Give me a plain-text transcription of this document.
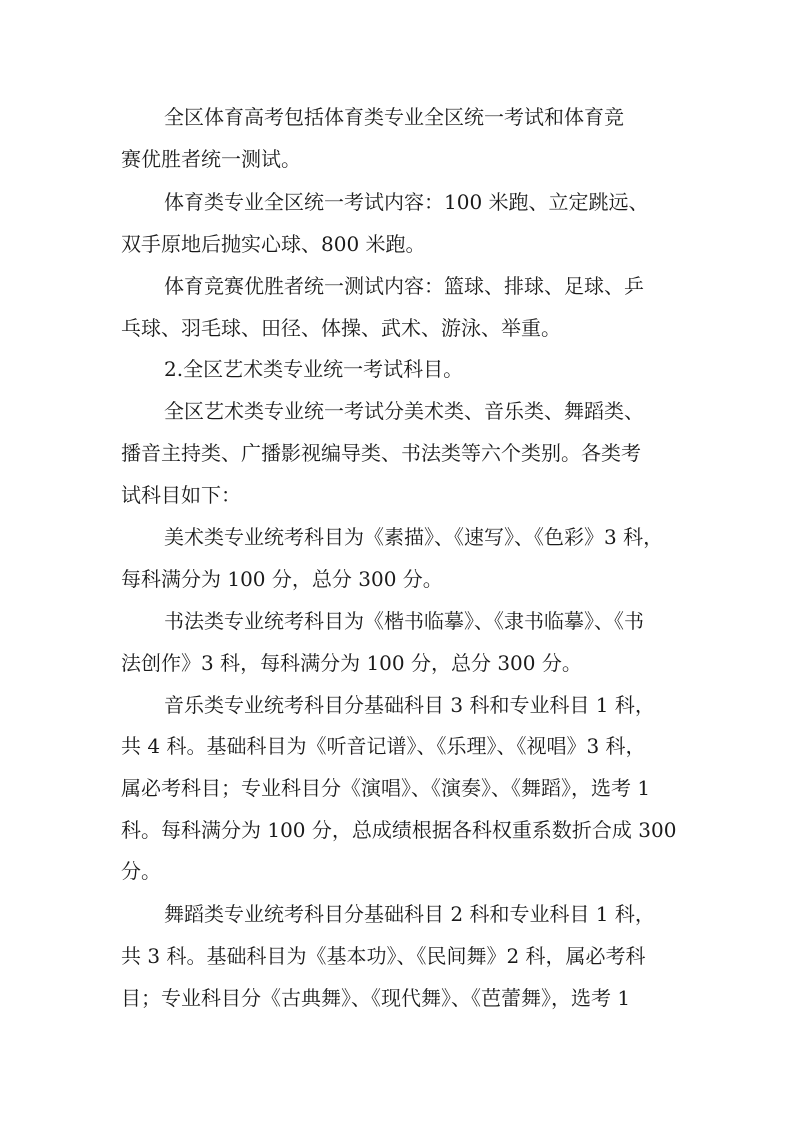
全区体育高考包括体育类专业全区统一考试和体育竞
赛优胜者统一测试。
体育类专业全区统一考试内容：100 米跑、立定跳远、
双手原地后抛实心球、800 米跑。
体育竞赛优胜者统一测试内容：篮球、排球、足球、乒
乓球、羽毛球、田径、体操、武术、游泳、举重。
2.全区艺术类专业统一考试科目。
全区艺术类专业统一考试分美术类、音乐类、舞蹈类、
播音主持类、广播影视编导类、书法类等六个类别。各类考
试科目如下：
美术类专业统考科目为《素描》、《速写》、《色彩》3 科，
每科满分为 100 分，总分 300 分。
书法类专业统考科目为《楷书临摹》、《隶书临摹》、《书
法创作》3 科，每科满分为 100 分，总分 300 分。
音乐类专业统考科目分基础科目 3 科和专业科目 1 科，
共 4 科。基础科目为《听音记谱》、《乐理》、《视唱》3 科，
属必考科目；专业科目分《演唱》、《演奏》、《舞蹈》，选考 1
科。每科满分为 100 分，总成绩根据各科权重系数折合成 300
分。
舞蹈类专业统考科目分基础科目 2 科和专业科目 1 科，
共 3 科。基础科目为《基本功》、《民间舞》2 科，属必考科
目；专业科目分《古典舞》、《现代舞》、《芭蕾舞》，选考 1
